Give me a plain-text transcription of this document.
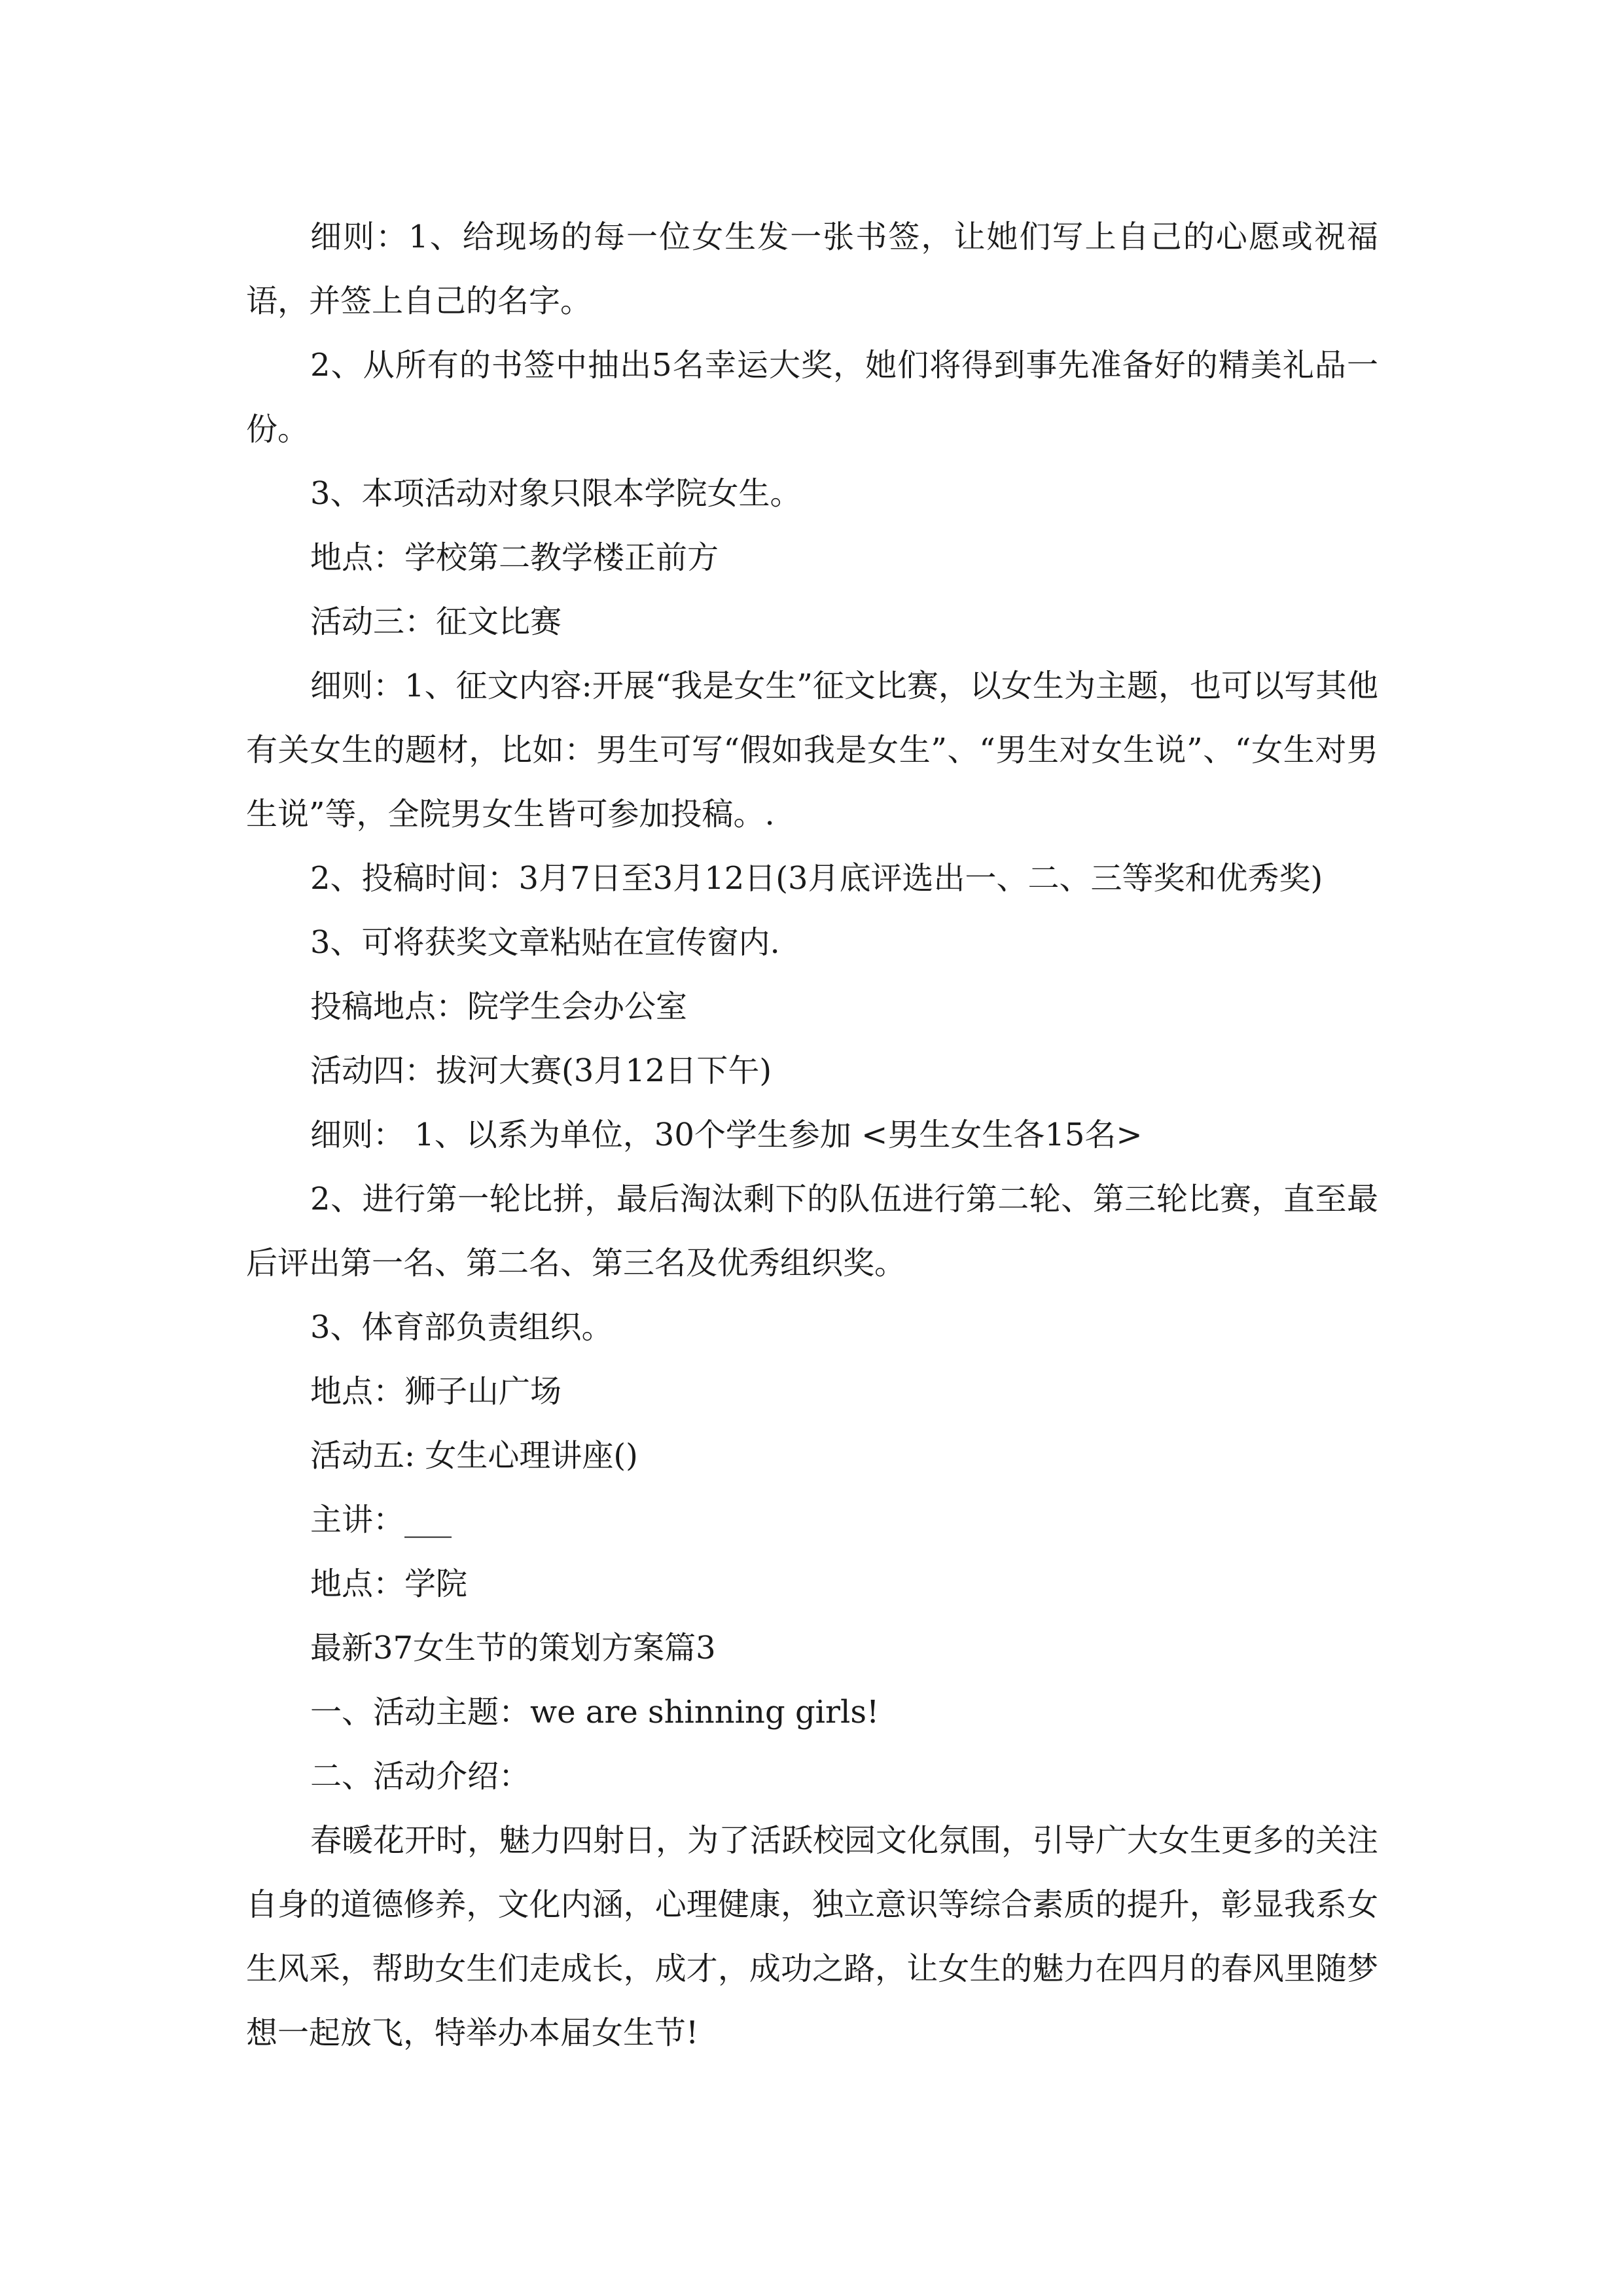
细则：1、给现场的每一位女生发一张书签，让她们写上自己的心愿或祝福语，并签上自己的名字。

2、从所有的书签中抽出5名幸运大奖，她们将得到事先准备好的精美礼品一份。

3、本项活动对象只限本学院女生。

地点：学校第二教学楼正前方

活动三：征文比赛

细则：1、征文内容:开展“我是女生”征文比赛，以女生为主题，也可以写其他有关女生的题材，比如：男生可写“假如我是女生”、“男生对女生说”、“女生对男生说”等，全院男女生皆可参加投稿。.

2、投稿时间：3月7日至3月12日(3月底评选出一、二、三等奖和优秀奖)

3、可将获奖文章粘贴在宣传窗内.

投稿地点：院学生会办公室

活动四：拔河大赛(3月12日下午)

细则： 1、以系为单位，30个学生参加 <男生女生各15名>

2、进行第一轮比拼，最后淘汰剩下的队伍进行第二轮、第三轮比赛，直至最后评出第一名、第二名、第三名及优秀组织奖。

3、体育部负责组织。

地点：狮子山广场

活动五: 女生心理讲座()

主讲：___

地点：学院

最新37女生节的策划方案篇3

一、活动主题：we are shinning girls!

二、活动介绍：

春暖花开时，魅力四射日，为了活跃校园文化氛围，引导广大女生更多的关注自身的道德修养，文化内涵，心理健康，独立意识等综合素质的提升，彰显我系女生风采，帮助女生们走成长，成才，成功之路，让女生的魅力在四月的春风里随梦想一起放飞，特举办本届女生节!
